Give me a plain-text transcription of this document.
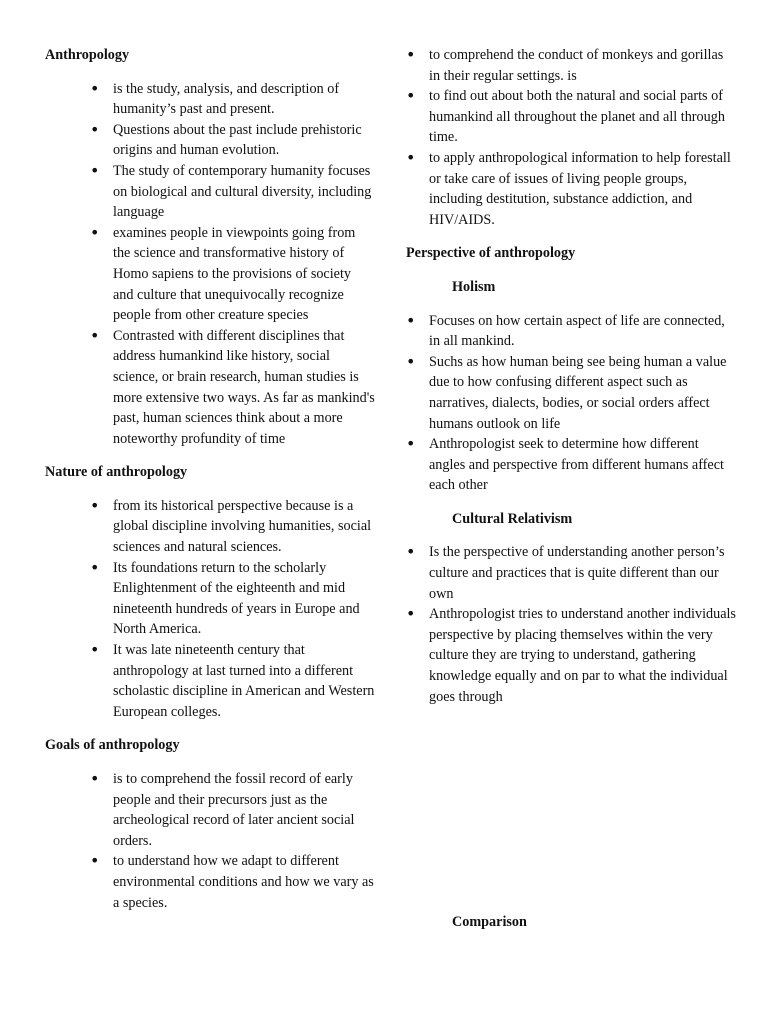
Anthropology
• is the study, analysis, and description of humanity’s past and present.
• Questions about the past include prehistoric origins and human evolution.
• The study of contemporary humanity focuses on biological and cultural diversity, including language
• examines people in viewpoints going from the science and transformative history of Homo sapiens to the provisions of society and culture that unequivocally recognize people from other creature species
• Contrasted with different disciplines that address humankind like history, social science, or brain research, human studies is more extensive two ways. As far as mankind's past, human sciences think about a more noteworthy profundity of time
Nature of anthropology
• from its historical perspective because is a global discipline involving humanities, social sciences and natural sciences.
• Its foundations return to the scholarly Enlightenment of the eighteenth and mid nineteenth hundreds of years in Europe and North America.
• It was late nineteenth century that anthropology at last turned into a different scholastic discipline in American and Western European colleges.
Goals of anthropology
• is to comprehend the fossil record of early people and their precursors just as the archeological record of later ancient social orders.
• to understand how we adapt to different environmental conditions and how we vary as a species.
• to comprehend the conduct of monkeys and gorillas in their regular settings. is
• to find out about both the natural and social parts of humankind all throughout the planet and all through time.
• to apply anthropological information to help forestall or take care of issues of living people groups, including destitution, substance addiction, and HIV/AIDS.
Perspective of anthropology
Holism
• Focuses on how certain aspect of life are connected, in all mankind.
• Suchs as how human being see being human a value due to how confusing different aspect such as narratives, dialects, bodies, or social orders affect humans outlook on life
• Anthropologist seek to determine how different angles and perspective from different humans affect each other
Cultural Relativism
• Is the perspective of understanding another person’s culture and practices that is quite different than our own
• Anthropologist tries to understand another individuals perspective by placing themselves within the very culture they are trying to understand, gathering knowledge equally and on par to what the individual goes through
Comparison
